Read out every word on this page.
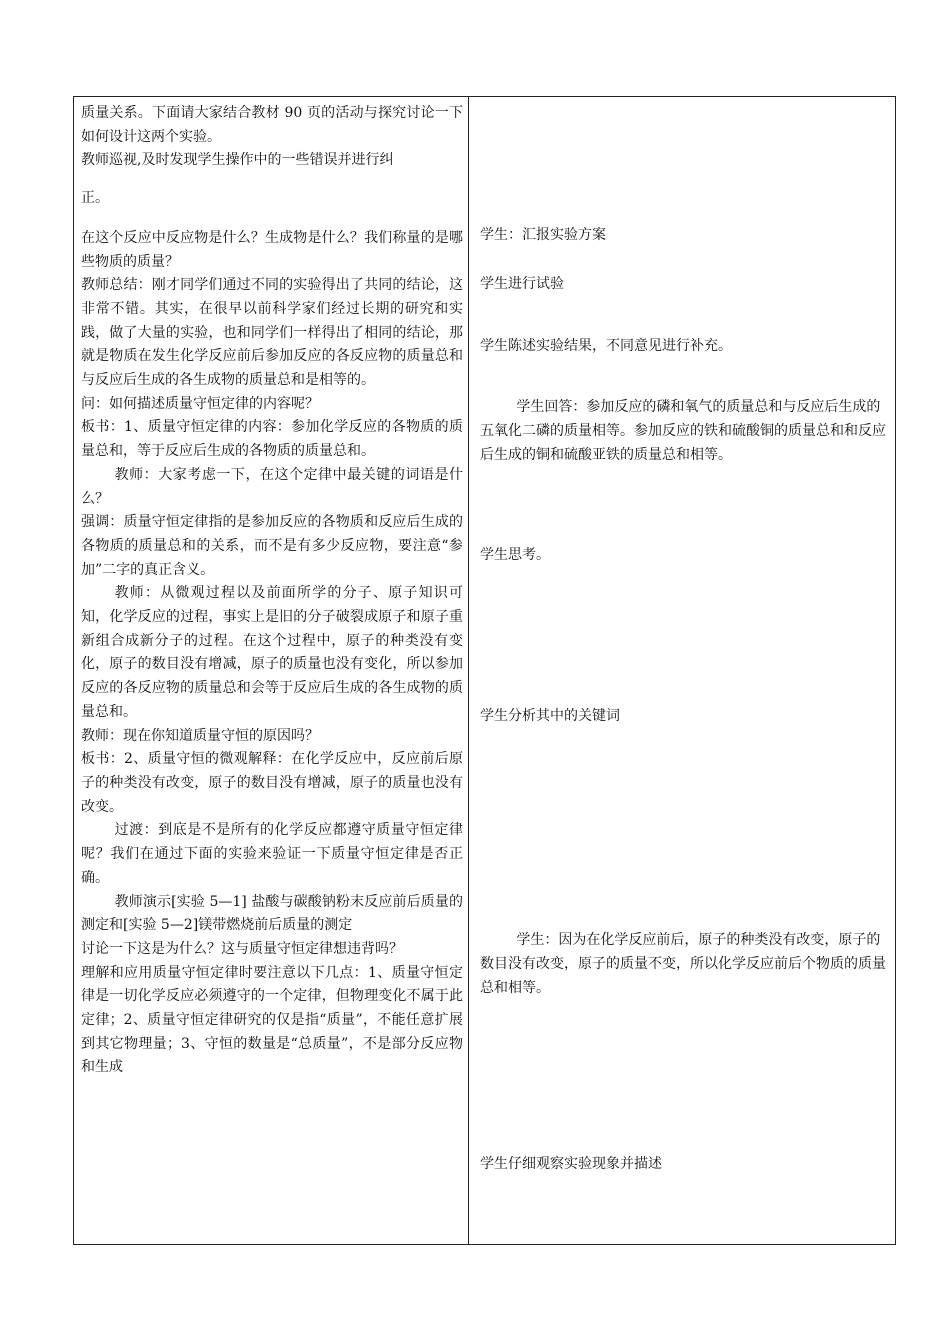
质量关系。下面请大家结合教材 90 页的活动与探究讨论一下如何设计这两个实验。

教师巡视,及时发现学生操作中的一些错误并进行纠

正。

在这个反应中反应物是什么？生成物是什么？我们称量的是哪些物质的质量？

教师总结：刚才同学们通过不同的实验得出了共同的结论，这非常不错。其实，在很早以前科学家们经过长期的研究和实践，做了大量的实验，也和同学们一样得出了相同的结论，那就是物质在发生化学反应前后参加反应的各反应物的质量总和与反应后生成的各生成物的质量总和是相等的。

问：如何描述质量守恒定律的内容呢？

板书：1、质量守恒定律的内容：参加化学反应的各物质的质量总和，等于反应后生成的各物质的质量总和。

教师：大家考虑一下，在这个定律中最关键的词语是什么？

强调：质量守恒定律指的是参加反应的各物质和反应后生成的各物质的质量总和的关系，而不是有多少反应物，要注意“参加”二字的真正含义。

教师：从微观过程以及前面所学的分子、原子知识可知，化学反应的过程，事实上是旧的分子破裂成原子和原子重新组合成新分子的过程。在这个过程中，原子的种类没有变化，原子的数目没有增减，原子的质量也没有变化，所以参加反应的各反应物的质量总和会等于反应后生成的各生成物的质量总和。

教师：现在你知道质量守恒的原因吗？

板书：2、质量守恒的微观解释：在化学反应中，反应前后原子的种类没有改变，原子的数目没有增减，原子的质量也没有改变。

过渡：到底是不是所有的化学反应都遵守质量守恒定律呢？我们在通过下面的实验来验证一下质量守恒定律是否正确。

教师演示[实验 5—1] 盐酸与碳酸钠粉末反应前后质量的测定和[实验 5—2]镁带燃烧前后质量的测定

讨论一下这是为什么？这与质量守恒定律想违背吗？

理解和应用质量守恒定律时要注意以下几点：1、质量守恒定律是一切化学反应必须遵守的一个定律，但物理变化不属于此定律；2、质量守恒定律研究的仅是指“质量”，不能任意扩展到其它物理量；3、守恒的数量是“总质量”，不是部分反应物和生成

学生：汇报实验方案

学生进行试验

学生陈述实验结果，不同意见进行补充。

学生回答：参加反应的磷和氧气的质量总和与反应后生成的五氧化二磷的质量相等。参加反应的铁和硫酸铜的质量总和和反应后生成的铜和硫酸亚铁的质量总和相等。

学生思考。

学生分析其中的关键词

学生：因为在化学反应前后，原子的种类没有改变，原子的数目没有改变，原子的质量不变，所以化学反应前后个物质的质量总和相等。

学生仔细观察实验现象并描述
